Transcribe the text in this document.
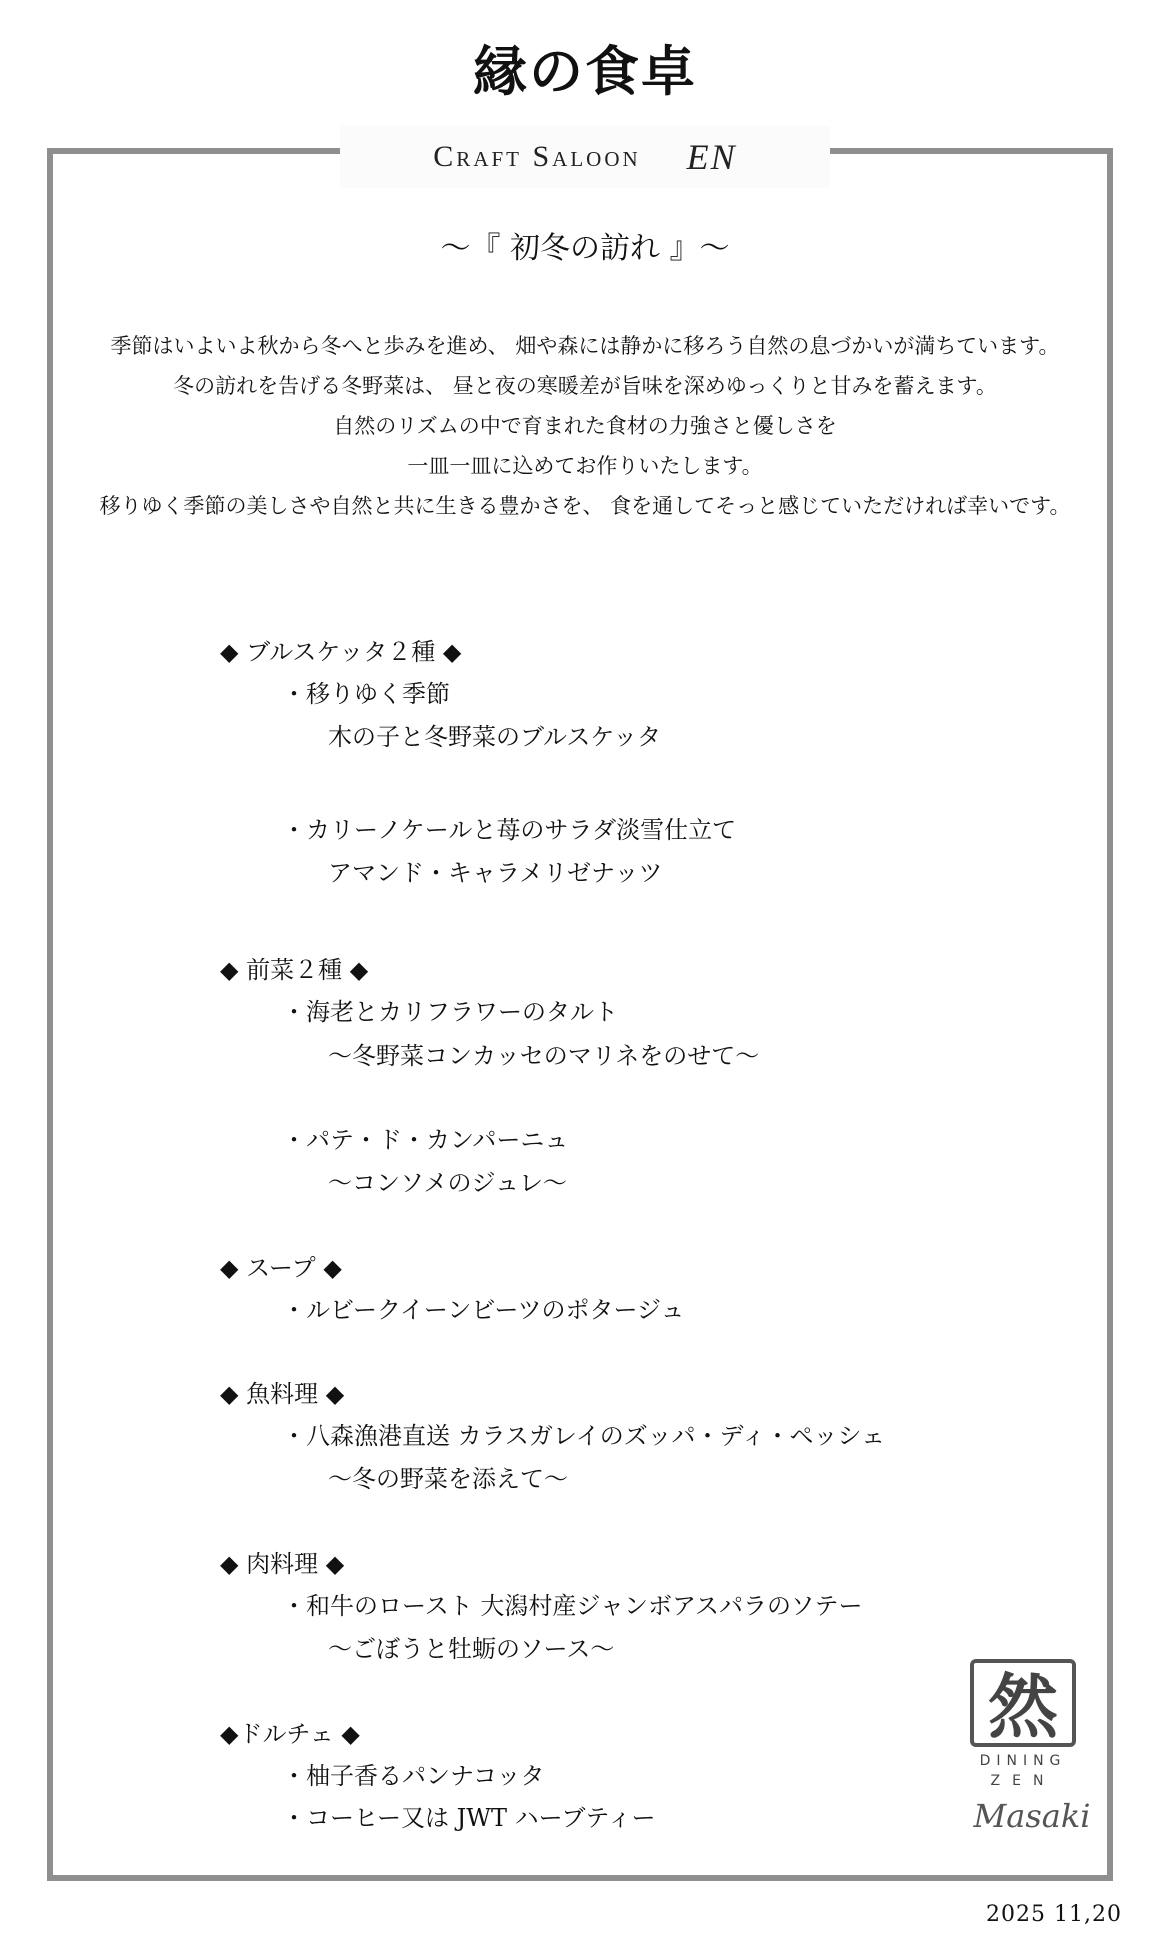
縁の食卓
Craft Saloon EN
～『 初冬の訪れ 』～
季節はいよいよ秋から冬へと歩みを進め、 畑や森には静かに移ろう自然の息づかいが満ちています。
冬の訪れを告げる冬野菜は、 昼と夜の寒暖差が旨味を深めゆっくりと甘みを蓄えます。
自然のリズムの中で育まれた食材の力強さと優しさを
一皿一皿に込めてお作りいたします。
移りゆく季節の美しさや自然と共に生きる豊かさを、 食を通してそっと感じていただければ幸いです。
◆ ブルスケッタ２種 ◆
・移りゆく季節
木の子と冬野菜のブルスケッタ
・カリーノケールと苺のサラダ淡雪仕立て
アマンド・キャラメリゼナッツ
◆ 前菜２種 ◆
・海老とカリフラワーのタルト
～冬野菜コンカッセのマリネをのせて～
・パテ・ド・カンパーニュ
～コンソメのジュレ～
◆ スープ ◆
・ルビークイーンビーツのポタージュ
◆ 魚料理 ◆
・八森漁港直送 カラスガレイのズッパ・ディ・ペッシェ
～冬の野菜を添えて～
◆ 肉料理 ◆
・和牛のロースト 大潟村産ジャンボアスパラのソテー
～ごぼうと牡蛎のソース～
◆ドルチェ ◆
・柚子香るパンナコッタ
・コーヒー又は JWT ハーブティー
然
DINING
ZEN
Masaki
2025 11,20
